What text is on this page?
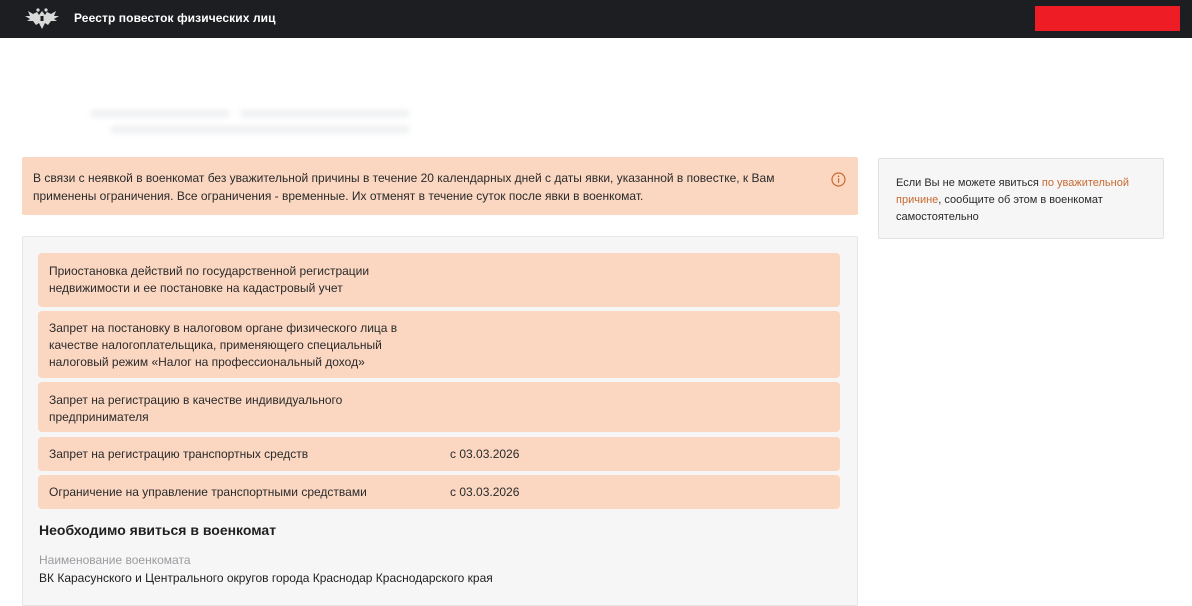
Реестр повесток физических лиц
В связи с неявкой в военкомат без уважительной причины в течение 20 календарных дней с даты явки, указанной в повестке, к Вам применены ограничения. Все ограничения - временные. Их отменят в течение суток после явки в военкомат.
Если Вы не можете явиться по уважительной причине, сообщите об этом в военкомат самостоятельно
Приостановка действий по государственной регистрации недвижимости и ее постановке на кадастровый учет
Запрет на постановку в налоговом органе физического лица в качестве налогоплательщика, применяющего специальный налоговый режим «Налог на профессиональный доход»
Запрет на регистрацию в качестве индивидуального предпринимателя
Запрет на регистрацию транспортных средств	с 03.03.2026
Ограничение на управление транспортными средствами	с 03.03.2026
Необходимо явиться в военкомат
Наименование военкомата
ВК Карасунского и Центрального округов города Краснодар Краснодарского края
